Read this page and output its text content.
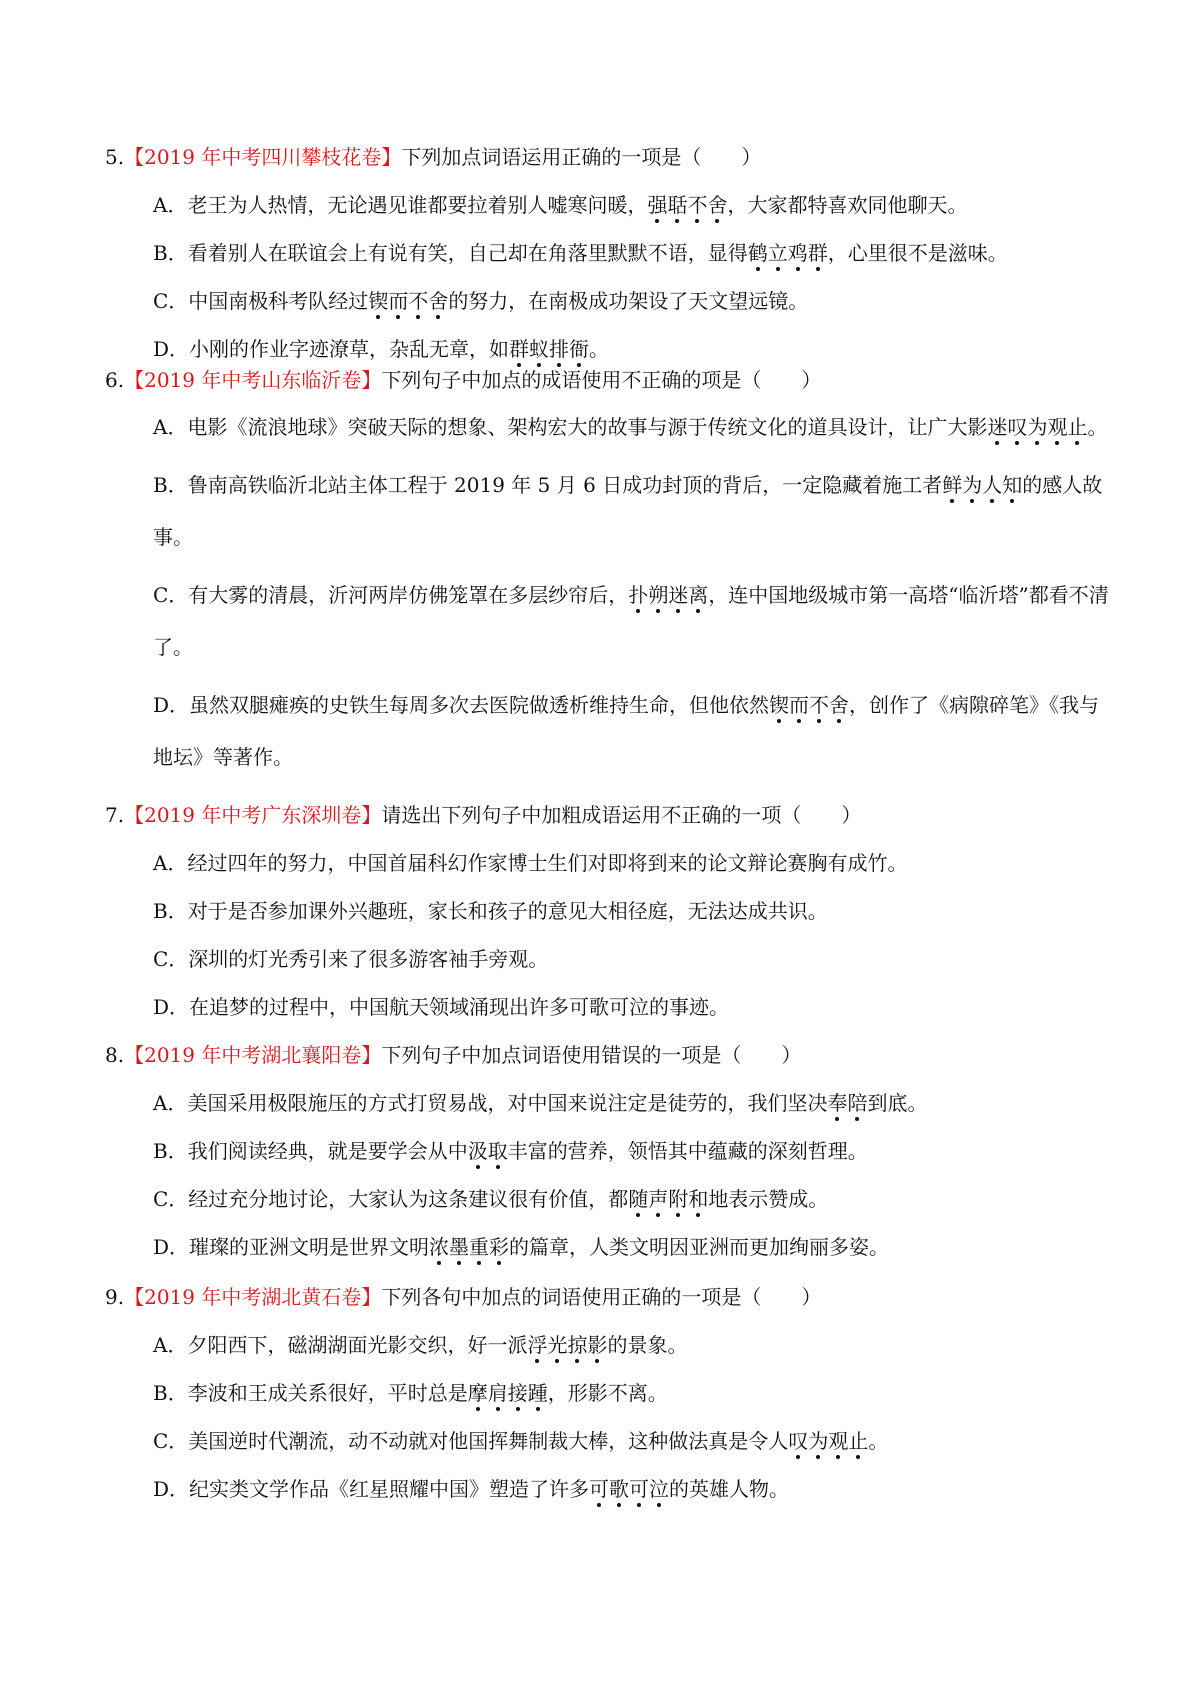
5.【2019 年中考四川攀枝花卷】下列加点词语运用正确的一项是（　　）
A．老王为人热情，无论遇见谁都要拉着别人嘘寒问暖，强聒不舍，大家都特喜欢同他聊天。
B．看着别人在联谊会上有说有笑，自己却在角落里默默不语，显得鹤立鸡群，心里很不是滋味。
C．中国南极科考队经过锲而不舍的努力，在南极成功架设了天文望远镜。
D．小刚的作业字迹潦草，杂乱无章，如群蚁排衙。
6.【2019 年中考山东临沂卷】下列句子中加点的成语使用不正确的项是（　　）
A．电影《流浪地球》突破天际的想象、架构宏大的故事与源于传统文化的道具设计，让广大影迷叹为观止。
B．鲁南高铁临沂北站主体工程于 2019 年 5 月 6 日成功封顶的背后，一定隐藏着施工者鲜为人知的感人故事。
C．有大雾的清晨，沂河两岸仿佛笼罩在多层纱帘后，扑朔迷离，连中国地级城市第一高塔“临沂塔”都看不清了。
D．虽然双腿瘫痪的史铁生每周多次去医院做透析维持生命，但他依然锲而不舍，创作了《病隙碎笔》《我与地坛》等著作。
7.【2019 年中考广东深圳卷】请选出下列句子中加粗成语运用不正确的一项（　　）
A．经过四年的努力，中国首届科幻作家博士生们对即将到来的论文辩论赛胸有成竹。
B．对于是否参加课外兴趣班，家长和孩子的意见大相径庭，无法达成共识。
C．深圳的灯光秀引来了很多游客袖手旁观。
D．在追梦的过程中，中国航天领域涌现出许多可歌可泣的事迹。
8.【2019 年中考湖北襄阳卷】下列句子中加点词语使用错误的一项是（　　）
A．美国采用极限施压的方式打贸易战，对中国来说注定是徒劳的，我们坚决奉陪到底。
B．我们阅读经典，就是要学会从中汲取丰富的营养，领悟其中蕴藏的深刻哲理。
C．经过充分地讨论，大家认为这条建议很有价值，都随声附和地表示赞成。
D．璀璨的亚洲文明是世界文明浓墨重彩的篇章，人类文明因亚洲而更加绚丽多姿。
9.【2019 年中考湖北黄石卷】下列各句中加点的词语使用正确的一项是（　　）
A．夕阳西下，磁湖湖面光影交织，好一派浮光掠影的景象。
B．李波和王成关系很好，平时总是摩肩接踵，形影不离。
C．美国逆时代潮流，动不动就对他国挥舞制裁大棒，这种做法真是令人叹为观止。
D．纪实类文学作品《红星照耀中国》塑造了许多可歌可泣的英雄人物。
